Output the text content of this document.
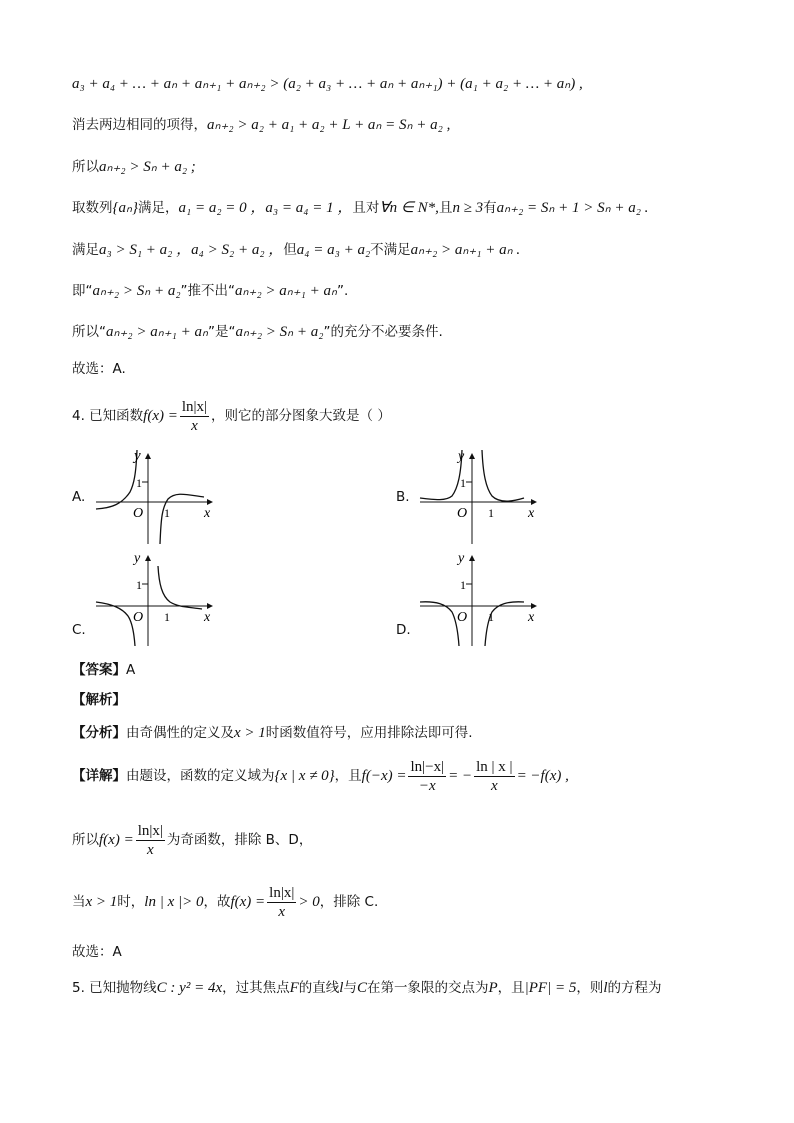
a₃ + a₄ + … + aₙ + aₙ₊₁ + aₙ₊₂ > (a₂ + a₃ + … + aₙ + aₙ₊₁) + (a₁ + a₂ + … + aₙ) ,
消去两边相同的项得，aₙ₊₂ > a₂ + a₁ + a₂ + L + aₙ = Sₙ + a₂ ,
所以aₙ₊₂ > Sₙ + a₂ ;
取数列{aₙ}满足，a₁ = a₂ = 0 ，a₃ = a₄ = 1 ，且对∀n ∈ N*,且n ≥ 3有aₙ₊₂ = Sₙ + 1 > Sₙ + a₂ .
满足a₃ > S₁ + a₂ ，a₄ > S₂ + a₂ ，但a₄ = a₃ + a₂不满足aₙ₊₂ > aₙ₊₁ + aₙ .
即“aₙ₊₂ > Sₙ + a₂”推不出“aₙ₊₂ > aₙ₊₁ + aₙ”.
所以“aₙ₊₂ > aₙ₊₁ + aₙ”是“aₙ₊₂ > Sₙ + a₂”的充分不必要条件.
故选：A.
4. 已知函数$f(x) = \frac{\ln|x|}{x}$ ，则它的部分图象大致是（ ）
A.	B.
C.	D.
y
x
O
1
1
y
x
O
1
1
y
x
O
1
1
y
x
O
1
1
【答案】A
【解析】
【分析】由奇偶性的定义及x > 1时函数值符号，应用排除法即可得.
【详解】由题设，函数的定义域为{x | x ≠ 0}，且$f(-x) = \frac{\ln|-x|}{-x}$ = − $\frac{\ln | x |}{x} = -f(x)$ ,
所以$f(x) = \frac{\ln|x|}{x}$ 为奇函数，排除 B、D，
当x > 1时，ln | x |> 0，故$f(x) = \frac{\ln|x|}{x} > 0$，排除 C.
故选：A
5. 已知抛物线C : y² = 4x，过其焦点F的直线l与C在第一象限的交点为P，且|PF| = 5，则l的方程为
